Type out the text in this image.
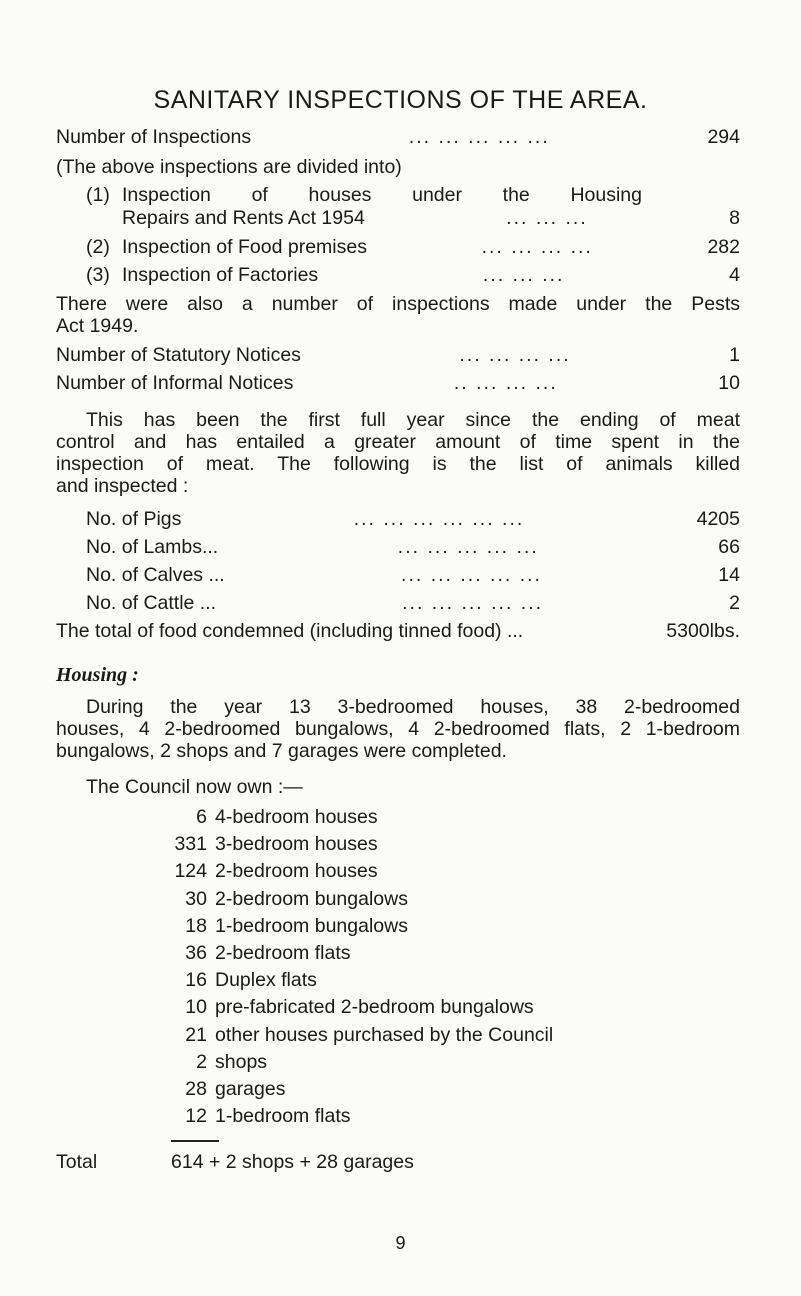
SANITARY INSPECTIONS OF THE AREA.
Number of Inspections	... ... ... ... ...	294
(The above inspections are divided into)
(1) Inspection of houses under the Housing
Repairs and Rents Act 1954	... ... ...	8
(2) Inspection of Food premises	... ... ... ...	282
(3) Inspection of Factories	... ... ...	4
There were also a number of inspections made under the Pests
Act 1949.
Number of Statutory Notices	... ... ... ...	1
Number of Informal Notices	.. ... ... ...	10
This has been the first full year since the ending of meat
control and has entailed a greater amount of time spent in the
inspection of meat. The following is the list of animals killed
and inspected :
No. of Pigs	... ... ... ... ... ...	4205
No. of Lambs...	... ... ... ... ...	66
No. of Calves ...	... ... ... ... ...	14
No. of Cattle ...	... ... ... ... ...	2
The total of food condemned (including tinned food) ...	5300lbs.
Housing :
During the year 13 3-bedroomed houses, 38 2-bedroomed
houses, 4 2-bedroomed bungalows, 4 2-bedroomed flats, 2 1-bedroom
bungalows, 2 shops and 7 garages were completed.
The Council now own :—
6 4-bedroom houses
331 3-bedroom houses
124 2-bedroom houses
30 2-bedroom bungalows
18 1-bedroom bungalows
36 2-bedroom flats
16 Duplex flats
10 pre-fabricated 2-bedroom bungalows
21 other houses purchased by the Council
2 shops
28 garages
12 1-bedroom flats
Total	614 + 2 shops + 28 garages
9
